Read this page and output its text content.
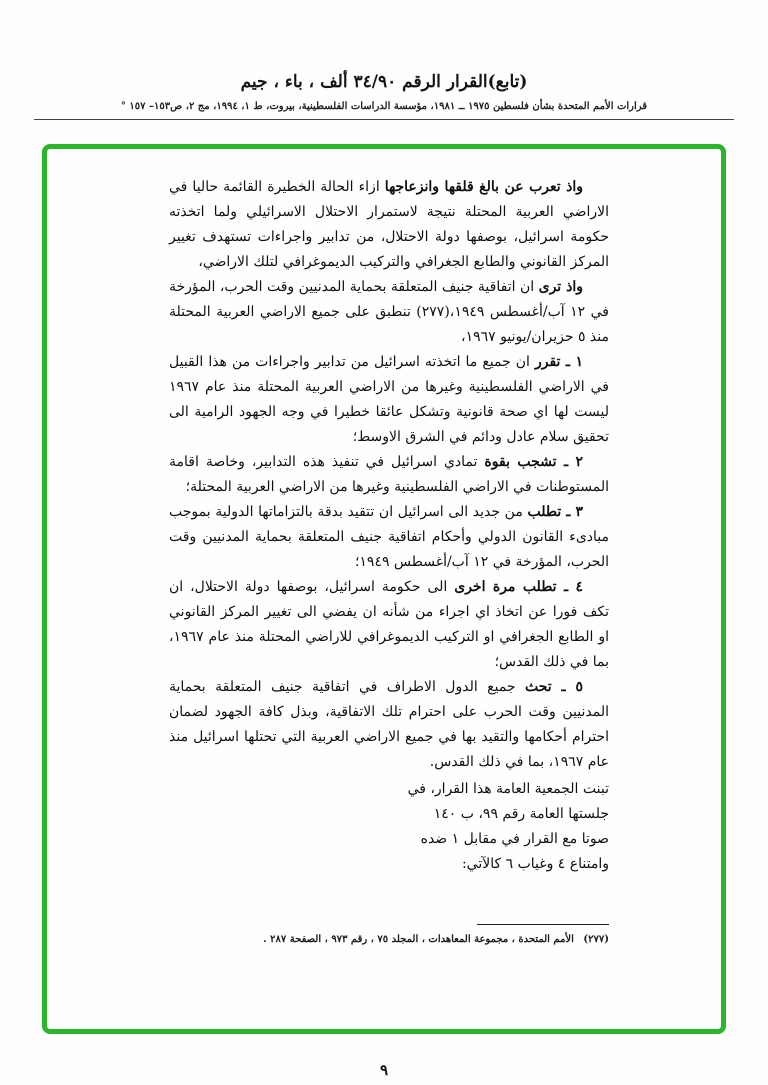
(تابع)القرار الرقم ٣٤/٩٠ ألف ، باء ، جيم
قرارات الأمم المتحدة بشأن فلسطين ١٩٧٥ ــ ١٩٨١، مؤسسة الدراسات الفلسطينية، بيروت، ط ١، ١٩٩٤، مج ٢، ص١٥٣– ١٥٧ °

واذ تعرب عن بالغ قلقها وانزعاجها ازاء الحالة الخطيرة القائمة حاليا في الاراضي العربية المحتلة نتيجة لاستمرار الاحتلال الاسرائيلي ولما اتخذته حكومة اسرائيل، بوصفها دولة الاحتلال، من تدابير واجراءات تستهدف تغيير المركز القانوني والطابع الجغرافي والتركيب الديموغرافي لتلك الاراضي،

واذ ترى ان اتفاقية جنيف المتعلقة بحماية المدنيين وقت الحرب، المؤرخة في ١٢ آب/أغسطس ١٩٤٩،(٢٧٧) تنطبق على جميع الاراضي العربية المحتلة منذ ٥ حزيران/يونيو ١٩٦٧،

١ ـ تقرر ان جميع ما اتخذته اسرائيل من تدابير واجراءات من هذا القبيل في الاراضي الفلسطينية وغيرها من الاراضي العربية المحتلة منذ عام ١٩٦٧ ليست لها اي صحة قانونية وتشكل عائقا خطيرا في وجه الجهود الرامية الى تحقيق سلام عادل ودائم في الشرق الاوسط؛

٢ ـ تشجب بقوة تمادي اسرائيل في تنفيذ هذه التدابير، وخاصة اقامة المستوطنات في الاراضي الفلسطينية وغيرها من الاراضي العربية المحتلة؛

٣ ـ تطلب من جديد الى اسرائيل ان تتقيد بدقة بالتزاماتها الدولية بموجب مبادىء القانون الدولي وأحكام اتفاقية جنيف المتعلقة بحماية المدنيين وقت الحرب، المؤرخة في ١٢ آب/أغسطس ١٩٤٩؛

٤ ـ تطلب مرة اخرى الى حكومة اسرائيل، بوصفها دولة الاحتلال، ان تكف فورا عن اتخاذ اي اجراء من شأنه ان يفضي الى تغيير المركز القانوني او الطابع الجغرافي او التركيب الديموغرافي للاراضي المحتلة منذ عام ١٩٦٧، بما في ذلك القدس؛

٥ ـ تحث جميع الدول الاطراف في اتفاقية جنيف المتعلقة بحماية المدنيين وقت الحرب على احترام تلك الاتفاقية، وبذل كافة الجهود لضمان احترام أحكامها والتقيد بها في جميع الاراضي العربية التي تحتلها اسرائيل منذ عام ١٩٦٧، بما في ذلك القدس.

تبنت الجمعية العامة هذا القرار، في
جلستها العامة رقم ٩٩، ب ١٤٠
صوتا مع القرار في مقابل ١ ضده
وامتناع ٤ وغياب ٦ كالآتي:
(٢٧٧) الأمم المتحدة ، مجموعة المعاهدات ، المجلد ٧٥ ، رقم ٩٧٣ ، الصفحة ٢٨٧ .
٩
